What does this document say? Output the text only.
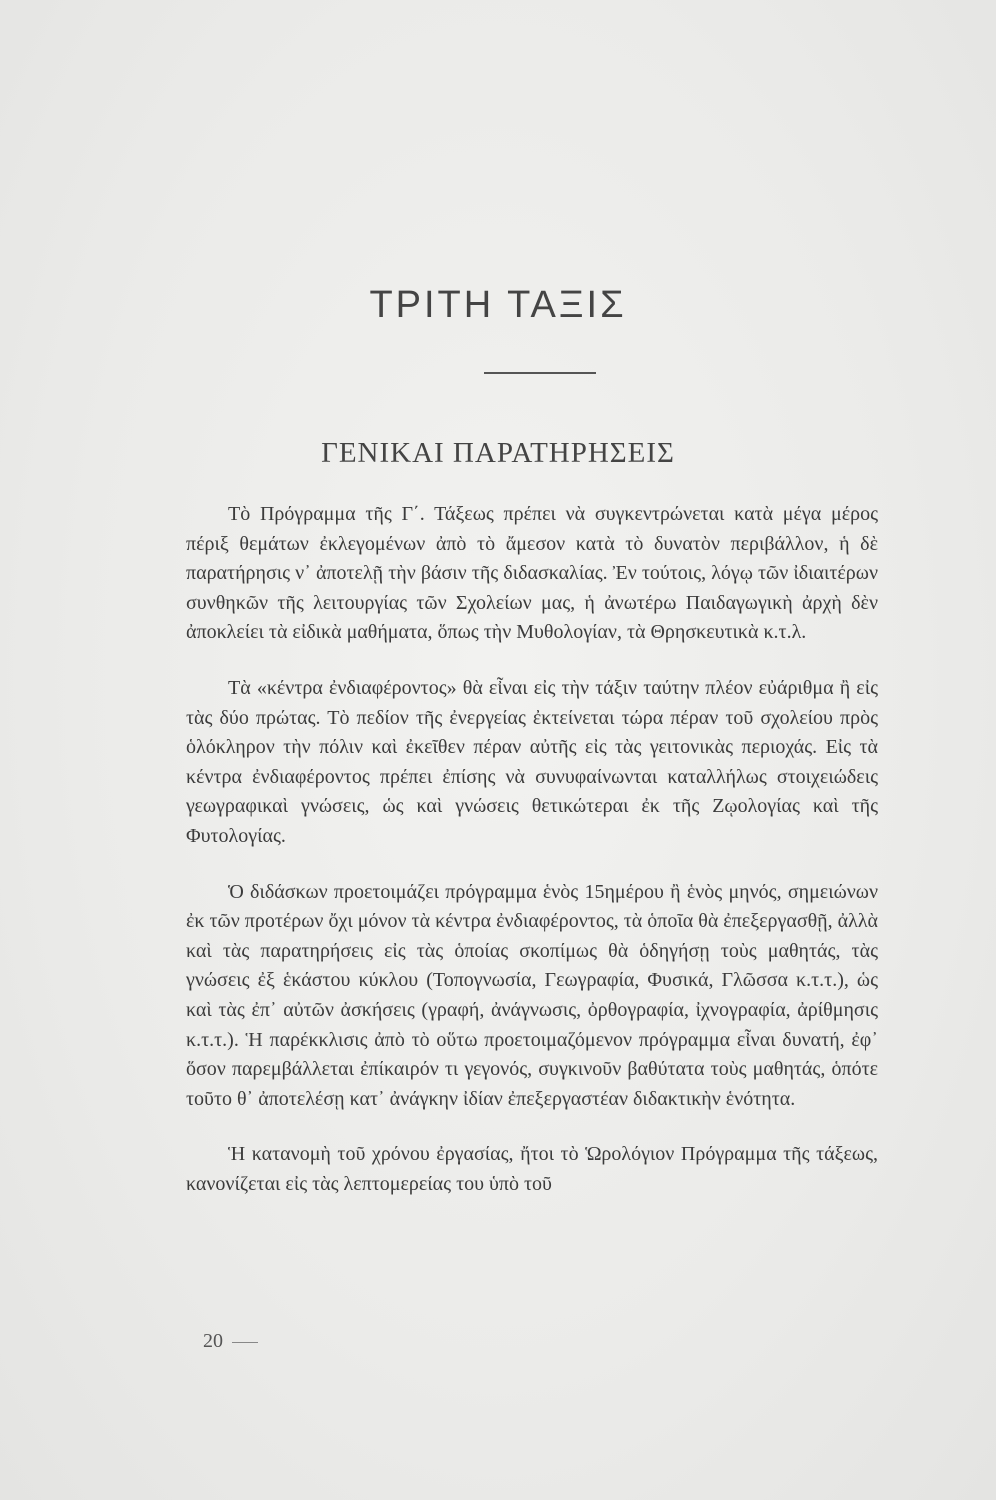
ΤΡΙΤΗ ΤΑΞΙΣ
ΓΕΝΙΚΑΙ ΠΑΡΑΤΗΡΗΣΕΙΣ

Τὸ Πρόγραμμα τῆς Γ΄. Τάξεως πρέπει νὰ συγκεντρώνεται κατὰ μέγα μέρος πέριξ θεμάτων ἐκλεγομένων ἀπὸ τὸ ἄμεσον κατὰ τὸ δυνατὸν περιβάλλον, ἡ δὲ παρατήρησις ν᾽ ἀποτελῇ τὴν βάσιν τῆς διδασκαλίας. Ἐν τούτοις, λόγῳ τῶν ἰδιαιτέρων συνθηκῶν τῆς λειτουργίας τῶν Σχολείων μας, ἡ ἀνωτέρω Παιδαγωγικὴ ἀρχὴ δὲν ἀποκλείει τὰ εἰδικὰ μαθήματα, ὅπως τὴν Μυθολογίαν, τὰ Θρησκευτικὰ κ.τ.λ.

Τὰ «κέντρα ἐνδιαφέροντος» θὰ εἶναι εἰς τὴν τάξιν ταύτην πλέον εὐάριθμα ἢ εἰς τὰς δύο πρώτας. Τὸ πεδίον τῆς ἐνεργείας ἐκτείνεται τώρα πέραν τοῦ σχολείου πρὸς ὁλόκληρον τὴν πόλιν καὶ ἐκεῖθεν πέραν αὐτῆς εἰς τὰς γειτονικὰς περιοχάς. Εἰς τὰ κέντρα ἐνδιαφέροντος πρέπει ἐπίσης νὰ συνυφαίνωνται καταλλήλως στοιχειώδεις γεωγραφικαὶ γνώσεις, ὡς καὶ γνώσεις θετικώτεραι ἐκ τῆς Ζῳολογίας καὶ τῆς Φυτολογίας.

Ὁ διδάσκων προετοιμάζει πρόγραμμα ἑνὸς 15ημέρου ἢ ἑνὸς μηνός, σημειώνων ἐκ τῶν προτέρων ὄχι μόνον τὰ κέντρα ἐνδιαφέροντος, τὰ ὁποῖα θὰ ἐπεξεργασθῇ, ἀλλὰ καὶ τὰς παρατηρήσεις εἰς τὰς ὁποίας σκοπίμως θὰ ὁδηγήσῃ τοὺς μαθητάς, τὰς γνώσεις ἐξ ἑκάστου κύκλου (Τοπογνωσία, Γεωγραφία, Φυσικά, Γλῶσσα κ.τ.τ.), ὡς καὶ τὰς ἐπ᾽ αὐτῶν ἀσκήσεις (γραφή, ἀνάγνωσις, ὀρθογραφία, ἰχνογραφία, ἀρίθμησις κ.τ.τ.). Ἡ παρέκκλισις ἀπὸ τὸ οὕτω προετοιμαζόμενον πρόγραμμα εἶναι δυνατή, ἐφ᾽ ὅσον παρεμβάλλεται ἐπίκαιρόν τι γεγονός, συγκινοῦν βαθύτατα τοὺς μαθητάς, ὁπότε τοῦτο θ᾽ ἀποτελέσῃ κατ᾽ ἀνάγκην ἰδίαν ἐπεξεργαστέαν διδακτικὴν ἑνότητα.

Ἡ κατανομὴ τοῦ χρόνου ἐργασίας, ἤτοι τὸ Ὡρολόγιον Πρόγραμμα τῆς τάξεως, κανονίζεται εἰς τὰς λεπτομερείας του ὑπὸ τοῦ

20
